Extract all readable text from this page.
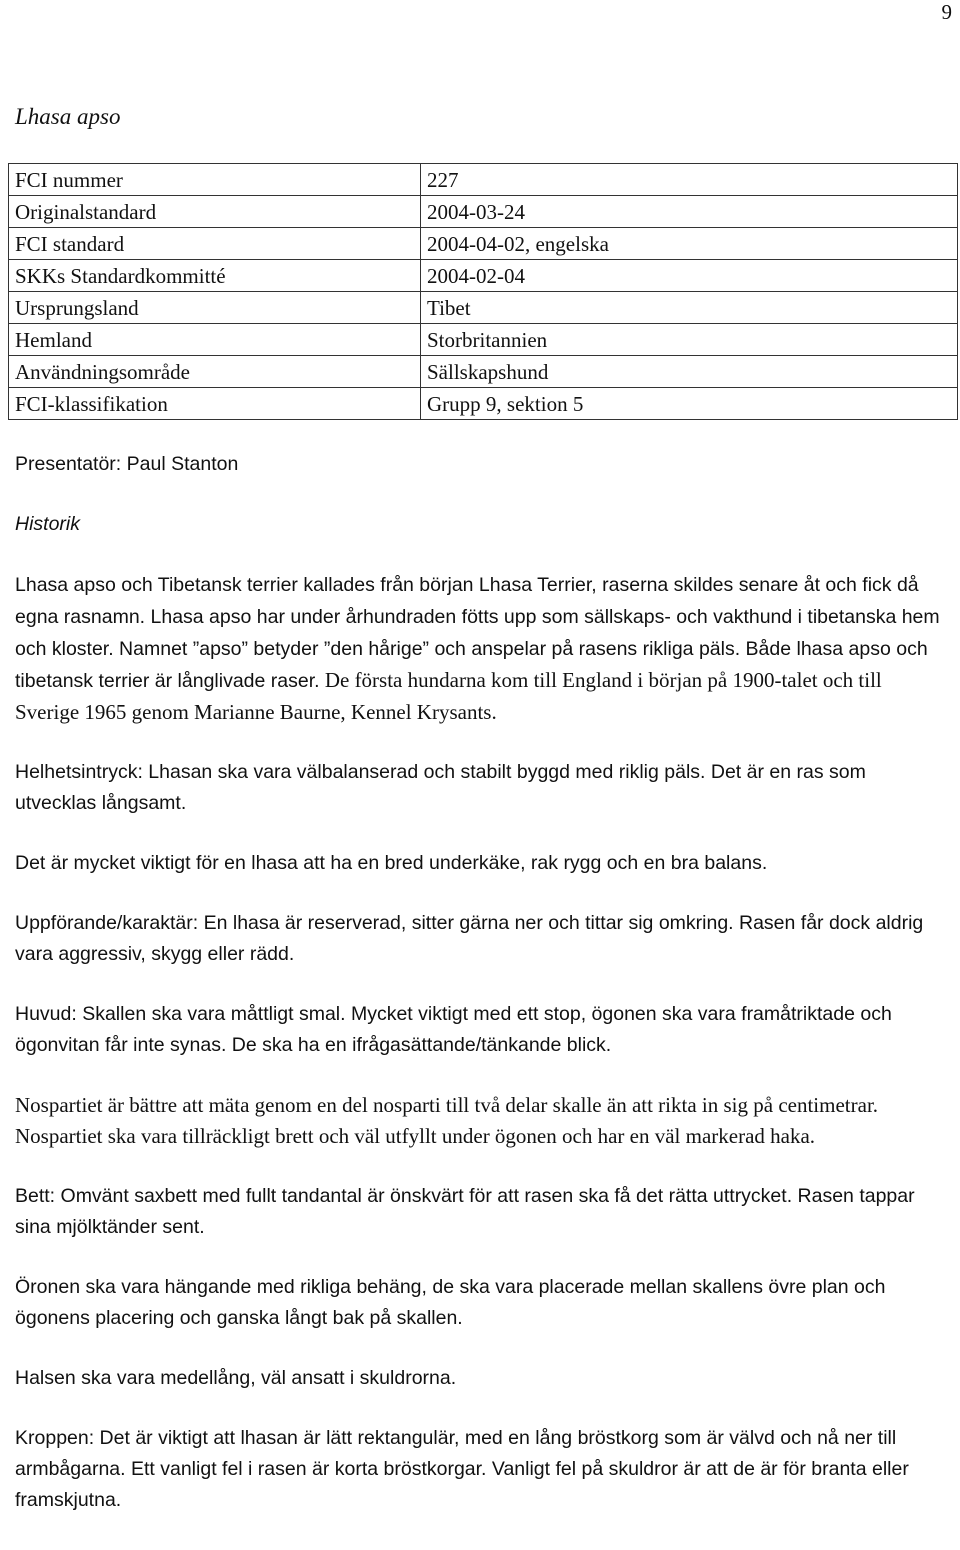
9
Lhasa apso
FCI nummer	227
Originalstandard	2004-03-24
FCI standard	2004-04-02, engelska
SKKs Standardkommitté	2004-02-04
Ursprungsland	Tibet
Hemland	Storbritannien
Användningsområde	Sällskapshund
FCI-klassifikation	Grupp 9, sektion 5

Presentatör: Paul Stanton

Historik

Lhasa apso och Tibetansk terrier kallades från början Lhasa Terrier, raserna skildes senare åt och fick då egna rasnamn. Lhasa apso har under århundraden fötts upp som sällskaps- och vakthund i tibetanska hem och kloster. Namnet ”apso” betyder ”den hårige” och anspelar på rasens rikliga päls. Både lhasa apso och tibetansk terrier är långlivade raser. De första hundarna kom till England i början på 1900-talet och till Sverige 1965 genom Marianne Baurne, Kennel Krysants.

Helhetsintryck: Lhasan ska vara välbalanserad och stabilt byggd med riklig päls. Det är en ras som utvecklas långsamt.

Det är mycket viktigt för en lhasa att ha en bred underkäke, rak rygg och en bra balans.

Uppförande/karaktär: En lhasa är reserverad, sitter gärna ner och tittar sig omkring. Rasen får dock aldrig vara aggressiv, skygg eller rädd.

Huvud: Skallen ska vara måttligt smal. Mycket viktigt med ett stop, ögonen ska vara framåtriktade och ögonvitan får inte synas. De ska ha en ifrågasättande/tänkande blick.

Nospartiet är bättre att mäta genom en del nosparti till två delar skalle än att rikta in sig på centimetrar. Nospartiet ska vara tillräckligt brett och väl utfyllt under ögonen och har en väl markerad haka.

Bett: Omvänt saxbett med fullt tandantal är önskvärt för att rasen ska få det rätta uttrycket. Rasen tappar sina mjölktänder sent.

Öronen ska vara hängande med rikliga behäng, de ska vara placerade mellan skallens övre plan och ögonens placering och ganska långt bak på skallen.

Halsen ska vara medellång, väl ansatt i skuldrorna.

Kroppen: Det är viktigt att lhasan är lätt rektangulär, med en lång bröstkorg som är välvd och nå ner till armbågarna. Ett vanligt fel i rasen är korta bröstkorgar. Vanligt fel på skuldror är att de är för branta eller framskjutna.
